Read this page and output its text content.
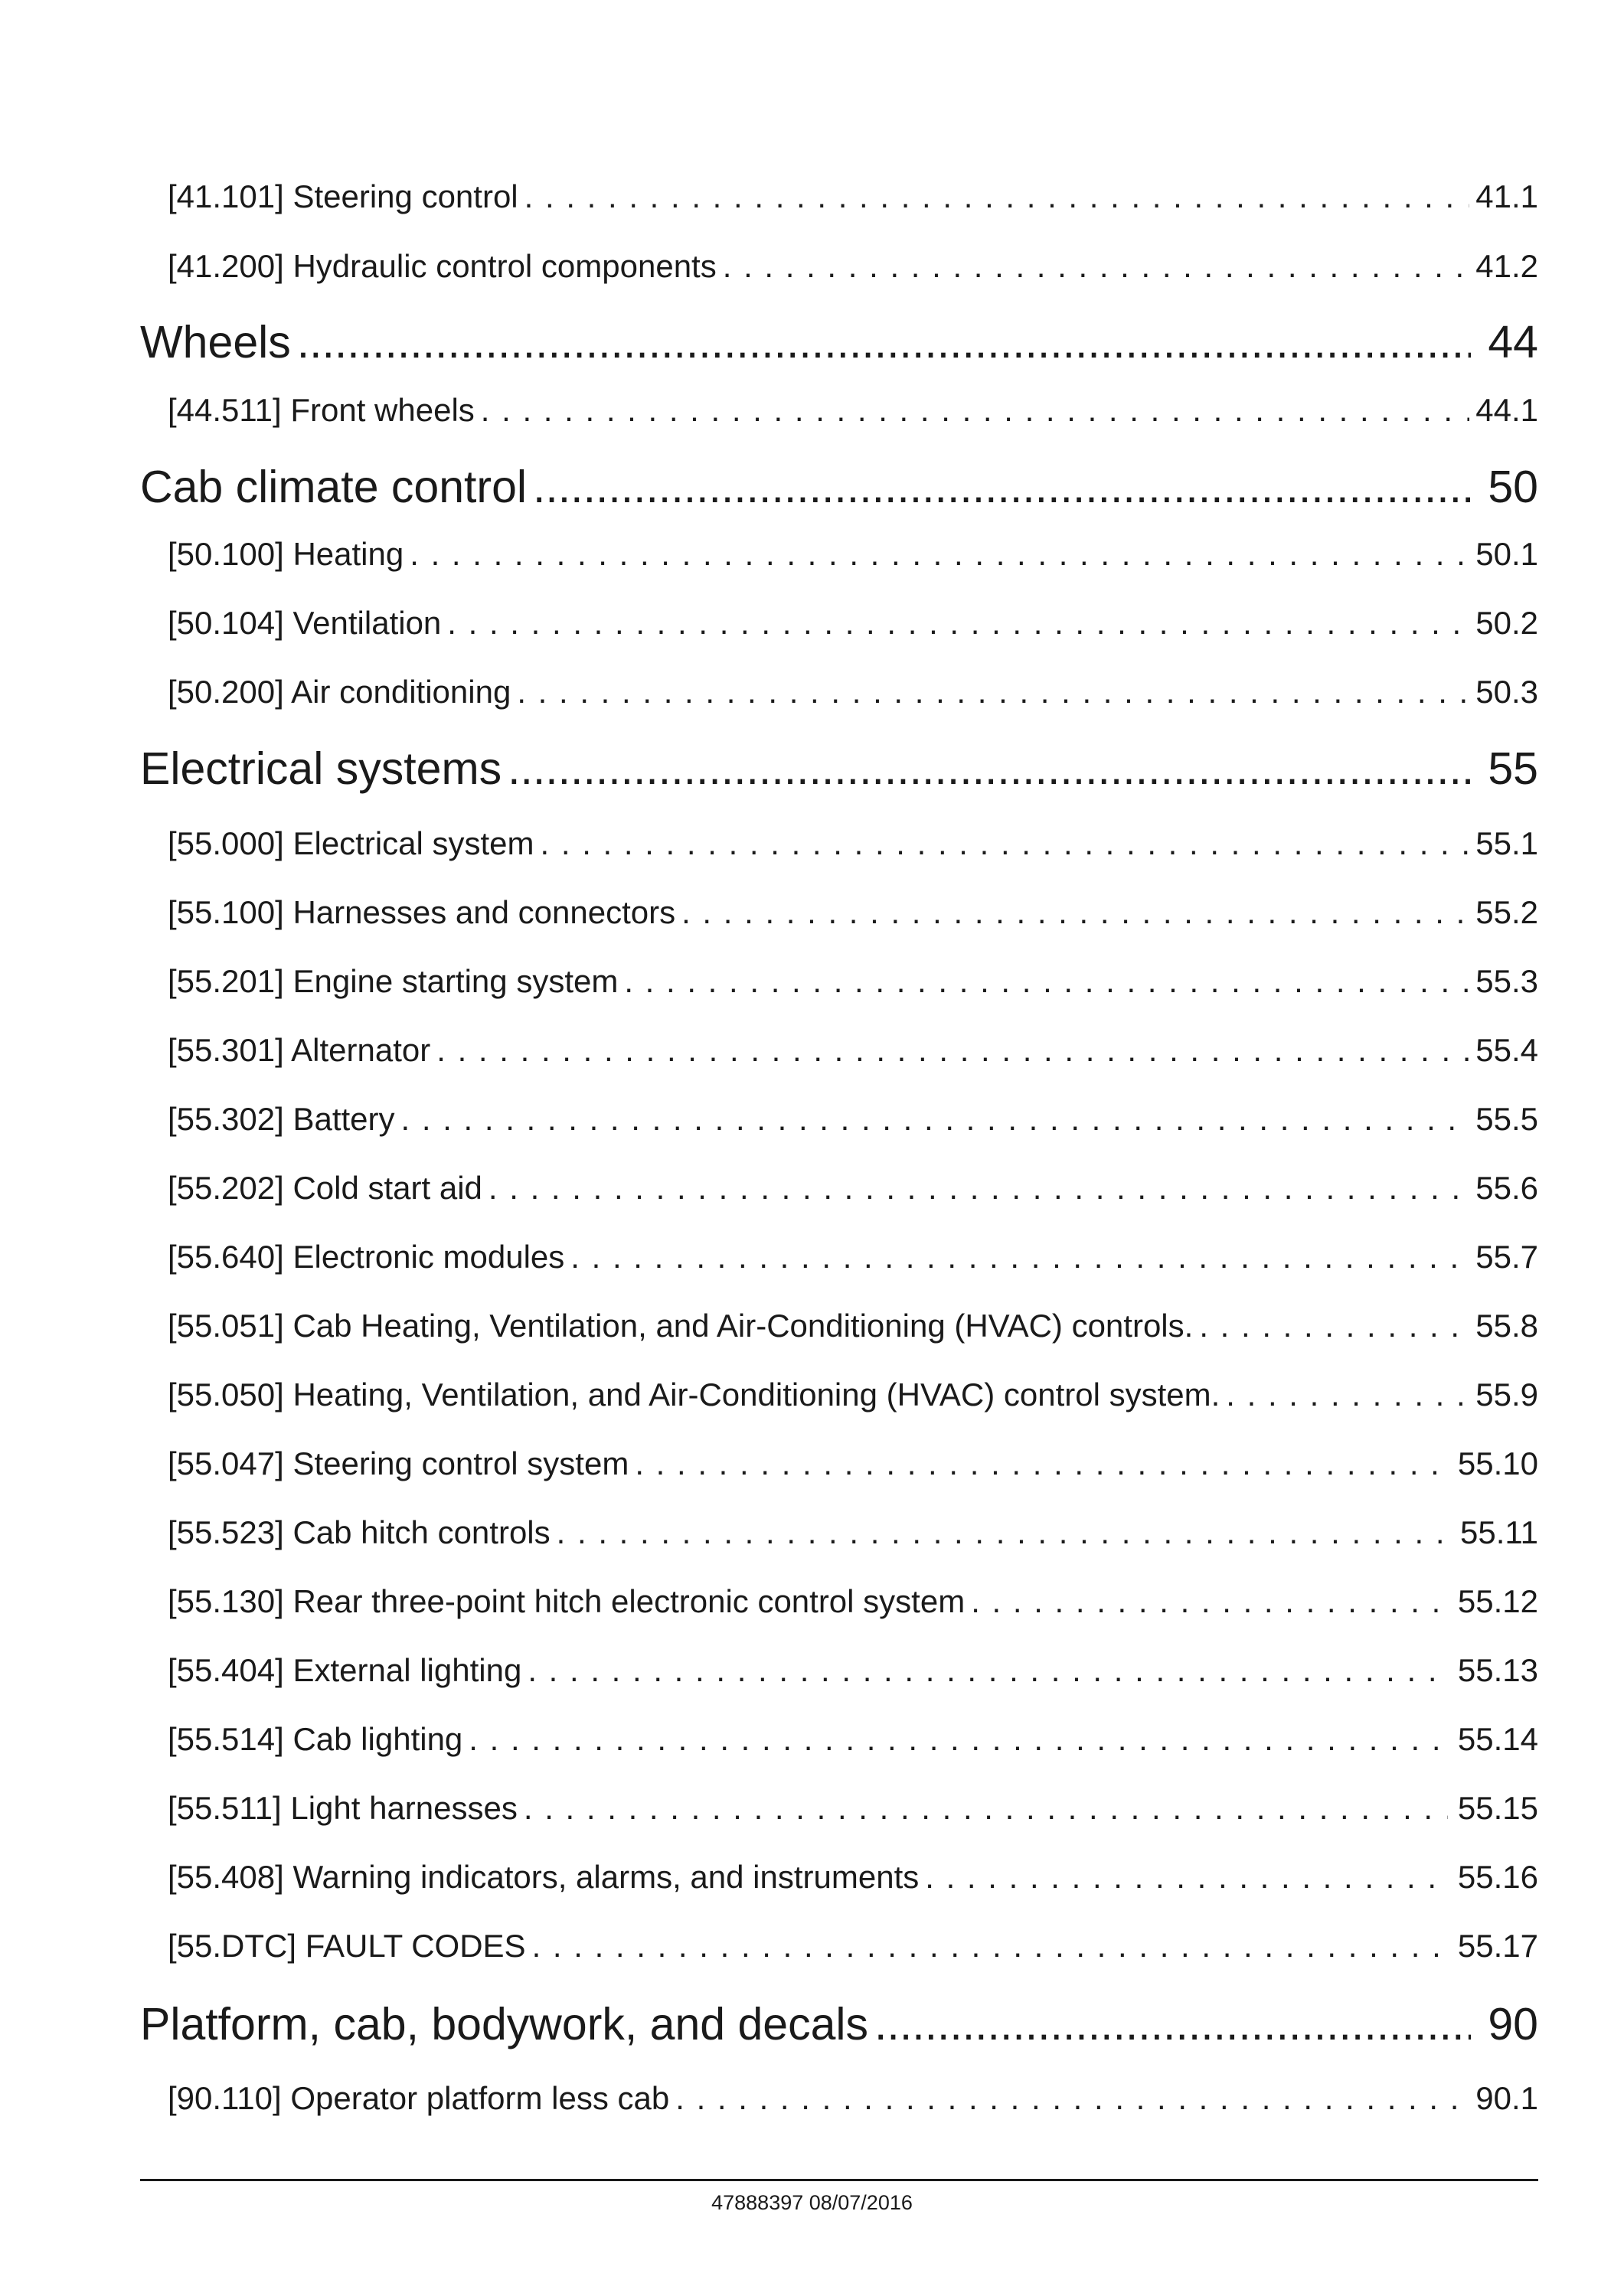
[41.101] Steering control . . .	41.1
[41.200] Hydraulic control components . . .	41.2
Wheels .....	44
[44.511] Front wheels . . .	44.1
Cab climate control .....	50
[50.100] Heating . . .	50.1
[50.104] Ventilation . . .	50.2
[50.200] Air conditioning . . .	50.3
Electrical systems .....	55
[55.000] Electrical system . . .	55.1
[55.100] Harnesses and connectors . . .	55.2
[55.201] Engine starting system . . .	55.3
[55.301] Alternator . . .	55.4
[55.302] Battery . . .	55.5
[55.202] Cold start aid . . .	55.6
[55.640] Electronic modules . . .	55.7
[55.051] Cab Heating, Ventilation, and Air-Conditioning (HVAC) controls. . . .	55.8
[55.050] Heating, Ventilation, and Air-Conditioning (HVAC) control system. . . .	55.9
[55.047] Steering control system . . .	55.10
[55.523] Cab hitch controls . . .	55.11
[55.130] Rear three-point hitch electronic control system . . .	55.12
[55.404] External lighting . . .	55.13
[55.514] Cab lighting . . .	55.14
[55.511] Light harnesses . . .	55.15
[55.408] Warning indicators, alarms, and instruments . . .	55.16
[55.DTC] FAULT CODES . . .	55.17
Platform, cab, bodywork, and decals .....	90
[90.110] Operator platform less cab . . .	90.1
47888397 08/07/2016
